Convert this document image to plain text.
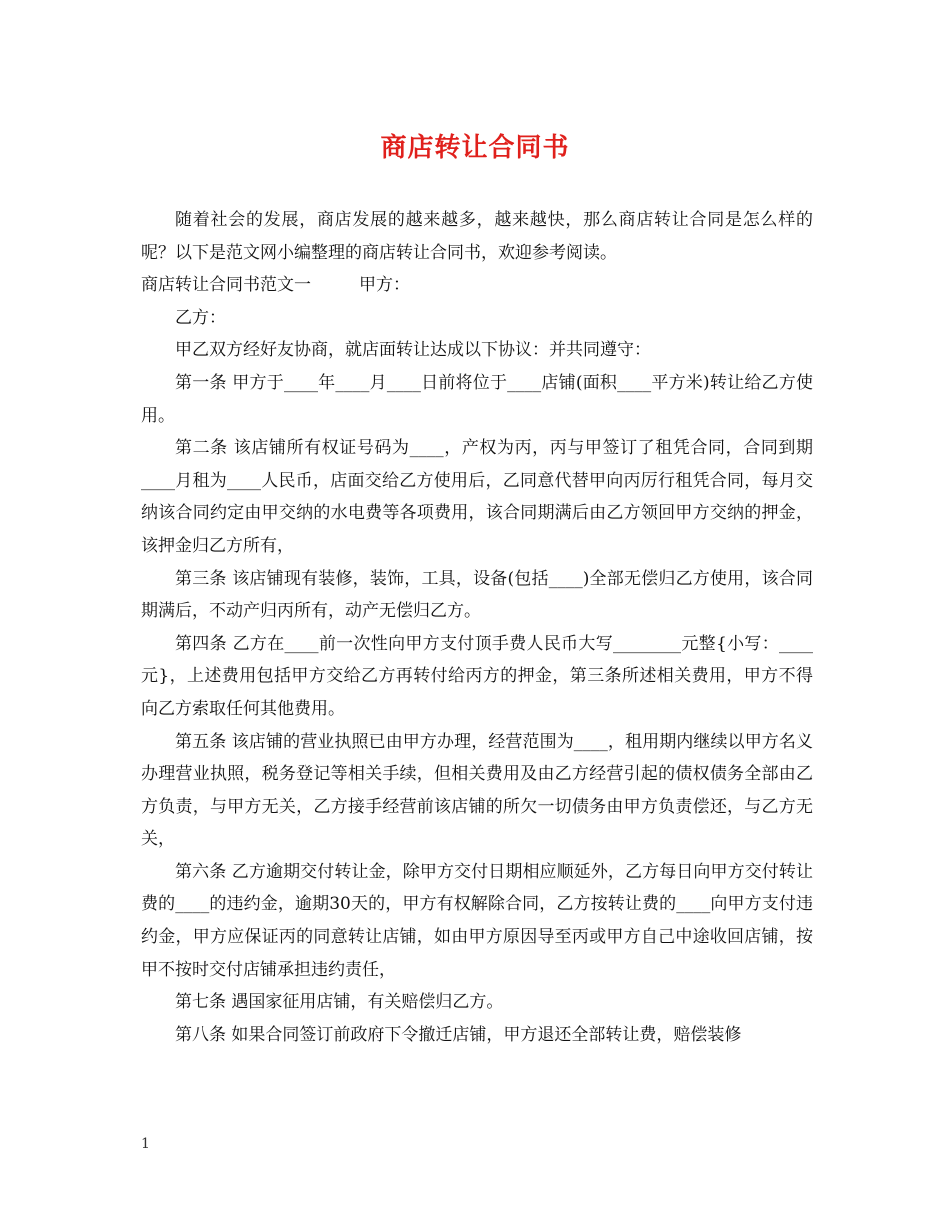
商店转让合同书

随着社会的发展，商店发展的越来越多，越来越快，那么商店转让合同是怎么样的呢？以下是范文网小编整理的商店转让合同书，欢迎参考阅读。

商店转让合同书范文一	甲方：

乙方：

甲乙双方经好友协商，就店面转让达成以下协议：并共同遵守：

第一条 甲方于____年____月____日前将位于____店铺(面积____平方米)转让给乙方使用。

第二条 该店铺所有权证号码为____，产权为丙，丙与甲签订了租凭合同，合同到期____月租为____人民币，店面交给乙方使用后，乙同意代替甲向丙厉行租凭合同，每月交纳该合同约定由甲交纳的水电费等各项费用，该合同期满后由乙方领回甲方交纳的押金，该押金归乙方所有，

第三条 该店铺现有装修，装饰，工具，设备(包括____)全部无偿归乙方使用，该合同期满后，不动产归丙所有，动产无偿归乙方。

第四条 乙方在____前一次性向甲方支付顶手费人民币大写________元整{小写：____元}，上述费用包括甲方交给乙方再转付给丙方的押金，第三条所述相关费用，甲方不得向乙方索取任何其他费用。

第五条 该店铺的营业执照已由甲方办理，经营范围为____，租用期内继续以甲方名义办理营业执照，税务登记等相关手续，但相关费用及由乙方经营引起的债权债务全部由乙方负责，与甲方无关，乙方接手经营前该店铺的所欠一切债务由甲方负责偿还，与乙方无关，

第六条 乙方逾期交付转让金，除甲方交付日期相应顺延外，乙方每日向甲方交付转让费的____的违约金，逾期30天的，甲方有权解除合同，乙方按转让费的____向甲方支付违约金，甲方应保证丙的同意转让店铺，如由甲方原因导至丙或甲方自己中途收回店铺，按甲不按时交付店铺承担违约责任，

第七条 遇国家征用店铺，有关赔偿归乙方。

第八条 如果合同签订前政府下令撤迁店铺，甲方退还全部转让费，赔偿装修

1
